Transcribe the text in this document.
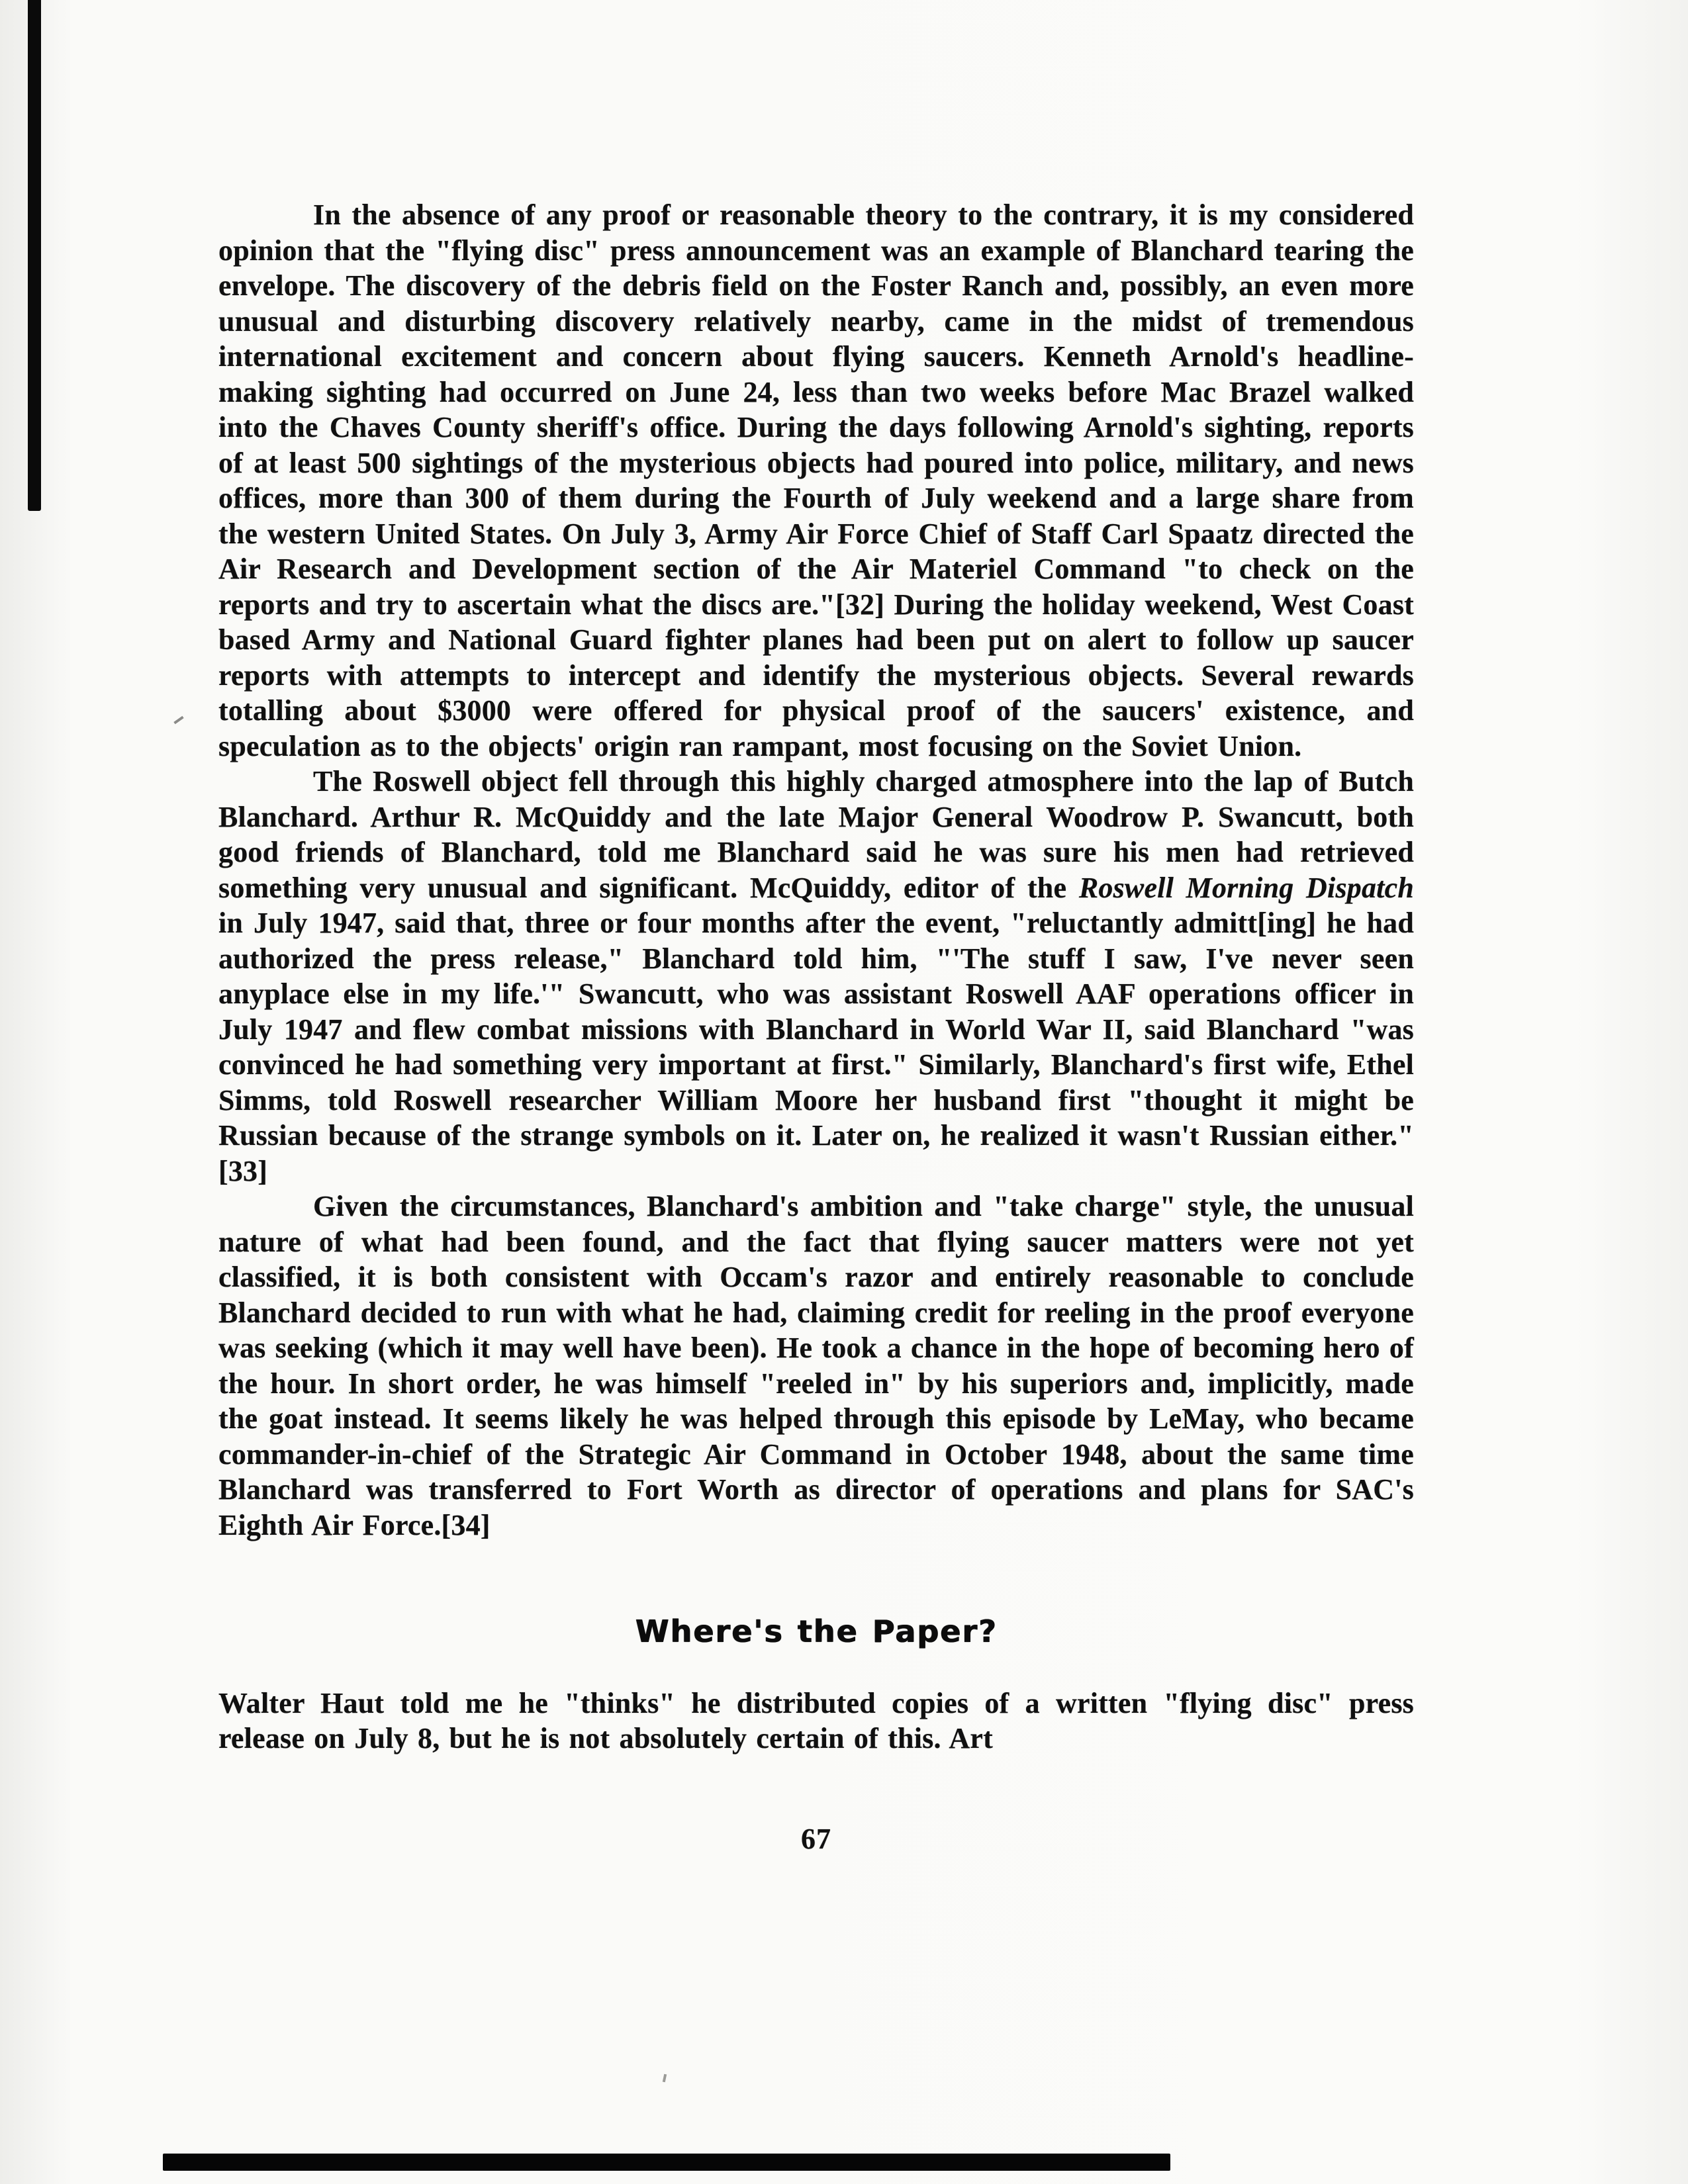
In the absence of any proof or reasonable theory to the contrary, it is my considered opinion that the "flying disc" press announcement was an example of Blanchard tearing the envelope. The discovery of the debris field on the Foster Ranch and, possibly, an even more unusual and disturbing discovery relatively nearby, came in the midst of tremendous international excitement and concern about flying saucers. Kenneth Arnold's headline-making sighting had occurred on June 24, less than two weeks before Mac Brazel walked into the Chaves County sheriff's office. During the days following Arnold's sighting, reports of at least 500 sightings of the mysterious objects had poured into police, military, and news offices, more than 300 of them during the Fourth of July weekend and a large share from the western United States. On July 3, Army Air Force Chief of Staff Carl Spaatz directed the Air Research and Development section of the Air Materiel Command "to check on the reports and try to ascertain what the discs are."[32] During the holiday weekend, West Coast based Army and National Guard fighter planes had been put on alert to follow up saucer reports with attempts to intercept and identify the mysterious objects. Several rewards totalling about $3000 were offered for physical proof of the saucers' existence, and speculation as to the objects' origin ran rampant, most focusing on the Soviet Union.

The Roswell object fell through this highly charged atmosphere into the lap of Butch Blanchard. Arthur R. McQuiddy and the late Major General Woodrow P. Swancutt, both good friends of Blanchard, told me Blanchard said he was sure his men had retrieved something very unusual and significant. McQuiddy, editor of the Roswell Morning Dispatch in July 1947, said that, three or four months after the event, "reluctantly admitt[ing] he had authorized the press release," Blanchard told him, "'The stuff I saw, I've never seen anyplace else in my life.'" Swancutt, who was assistant Roswell AAF operations officer in July 1947 and flew combat missions with Blanchard in World War II, said Blanchard "was convinced he had something very important at first." Similarly, Blanchard's first wife, Ethel Simms, told Roswell researcher William Moore her husband first "thought it might be Russian because of the strange symbols on it. Later on, he realized it wasn't Russian either."[33]

Given the circumstances, Blanchard's ambition and "take charge" style, the unusual nature of what had been found, and the fact that flying saucer matters were not yet classified, it is both consistent with Occam's razor and entirely reasonable to conclude Blanchard decided to run with what he had, claiming credit for reeling in the proof everyone was seeking (which it may well have been). He took a chance in the hope of becoming hero of the hour. In short order, he was himself "reeled in" by his superiors and, implicitly, made the goat instead. It seems likely he was helped through this episode by LeMay, who became commander-in-chief of the Strategic Air Command in October 1948, about the same time Blanchard was transferred to Fort Worth as director of operations and plans for SAC's Eighth Air Force.[34]

Where's the Paper?

Walter Haut told me he "thinks" he distributed copies of a written "flying disc" press release on July 8, but he is not absolutely certain of this. Art

67
